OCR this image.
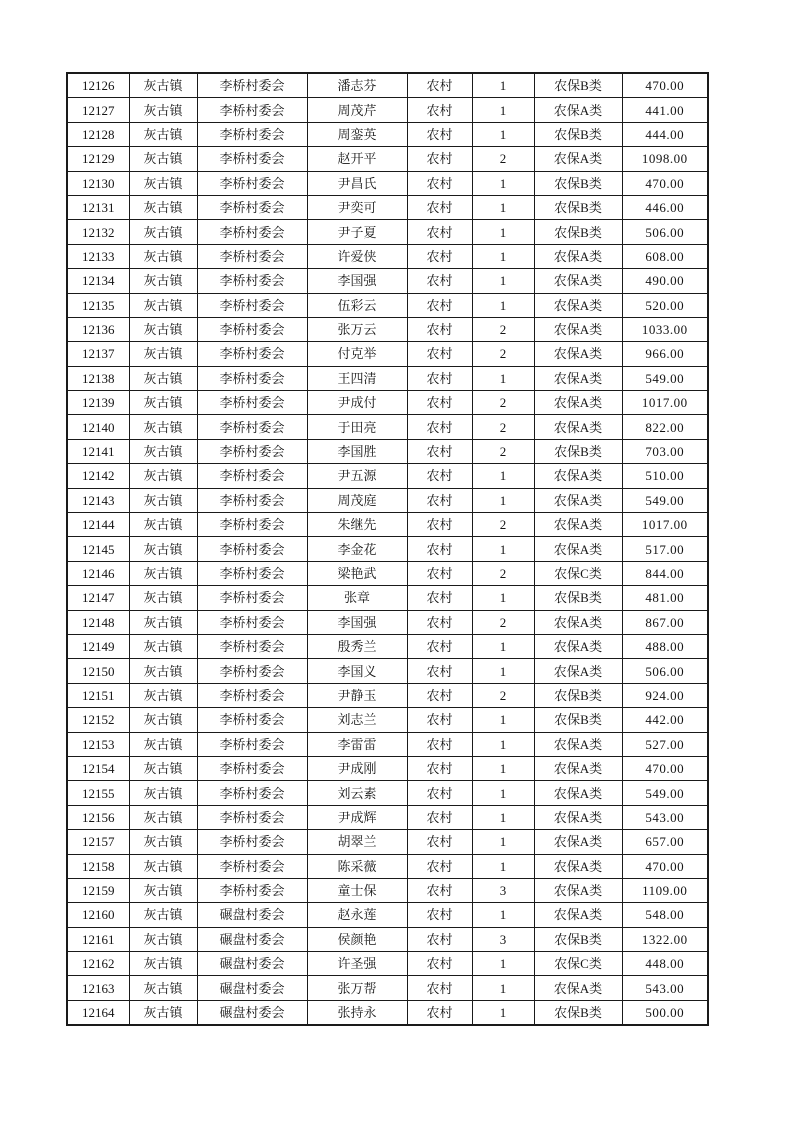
12126	灰古镇	李桥村委会	潘志芬	农村	1	农保B类	470.00
12127	灰古镇	李桥村委会	周茂芹	农村	1	农保A类	441.00
12128	灰古镇	李桥村委会	周銮英	农村	1	农保B类	444.00
12129	灰古镇	李桥村委会	赵开平	农村	2	农保A类	1098.00
12130	灰古镇	李桥村委会	尹昌氏	农村	1	农保B类	470.00
12131	灰古镇	李桥村委会	尹奕可	农村	1	农保B类	446.00
12132	灰古镇	李桥村委会	尹子夏	农村	1	农保B类	506.00
12133	灰古镇	李桥村委会	许爱侠	农村	1	农保A类	608.00
12134	灰古镇	李桥村委会	李国强	农村	1	农保A类	490.00
12135	灰古镇	李桥村委会	伍彩云	农村	1	农保A类	520.00
12136	灰古镇	李桥村委会	张万云	农村	2	农保A类	1033.00
12137	灰古镇	李桥村委会	付克举	农村	2	农保A类	966.00
12138	灰古镇	李桥村委会	王四清	农村	1	农保A类	549.00
12139	灰古镇	李桥村委会	尹成付	农村	2	农保A类	1017.00
12140	灰古镇	李桥村委会	于田亮	农村	2	农保A类	822.00
12141	灰古镇	李桥村委会	李国胜	农村	2	农保B类	703.00
12142	灰古镇	李桥村委会	尹五源	农村	1	农保A类	510.00
12143	灰古镇	李桥村委会	周茂庭	农村	1	农保A类	549.00
12144	灰古镇	李桥村委会	朱继先	农村	2	农保A类	1017.00
12145	灰古镇	李桥村委会	李金花	农村	1	农保A类	517.00
12146	灰古镇	李桥村委会	梁艳武	农村	2	农保C类	844.00
12147	灰古镇	李桥村委会	张章	农村	1	农保B类	481.00
12148	灰古镇	李桥村委会	李国强	农村	2	农保A类	867.00
12149	灰古镇	李桥村委会	殷秀兰	农村	1	农保A类	488.00
12150	灰古镇	李桥村委会	李国义	农村	1	农保A类	506.00
12151	灰古镇	李桥村委会	尹静玉	农村	2	农保B类	924.00
12152	灰古镇	李桥村委会	刘志兰	农村	1	农保B类	442.00
12153	灰古镇	李桥村委会	李雷雷	农村	1	农保A类	527.00
12154	灰古镇	李桥村委会	尹成刚	农村	1	农保A类	470.00
12155	灰古镇	李桥村委会	刘云素	农村	1	农保A类	549.00
12156	灰古镇	李桥村委会	尹成辉	农村	1	农保A类	543.00
12157	灰古镇	李桥村委会	胡翠兰	农村	1	农保A类	657.00
12158	灰古镇	李桥村委会	陈采薇	农村	1	农保A类	470.00
12159	灰古镇	李桥村委会	童士保	农村	3	农保A类	1109.00
12160	灰古镇	碾盘村委会	赵永莲	农村	1	农保A类	548.00
12161	灰古镇	碾盘村委会	侯颜艳	农村	3	农保B类	1322.00
12162	灰古镇	碾盘村委会	许圣强	农村	1	农保C类	448.00
12163	灰古镇	碾盘村委会	张万帮	农村	1	农保A类	543.00
12164	灰古镇	碾盘村委会	张持永	农村	1	农保B类	500.00
